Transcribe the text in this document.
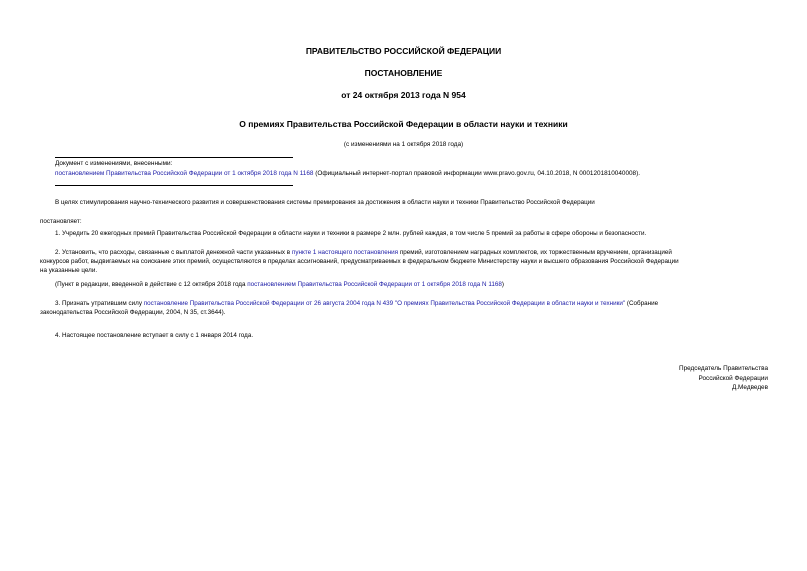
ПРАВИТЕЛЬСТВО РОССИЙСКОЙ ФЕДЕРАЦИИ
ПОСТАНОВЛЕНИЕ
от 24 октября 2013 года N 954
О премиях Правительства Российской Федерации в области науки и техники
(с изменениями на 1 октября 2018 года)
Документ с изменениями, внесенными:
постановлением Правительства Российской Федерации от 1 октября 2018 года N 1168 (Официальный интернет-портал правовой информации www.pravo.gov.ru, 04.10.2018, N 0001201810040008).
В целях стимулирования научно-технического развития и совершенствования системы премирования за достижения в области науки и техники Правительство Российской Федерации
постановляет:
1. Учредить 20 ежегодных премий Правительства Российской Федерации в области науки и техники в размере 2 млн. рублей каждая, в том числе 5 премий за работы в сфере обороны и безопасности.
2. Установить, что расходы, связанные с выплатой денежной части указанных в пункте 1 настоящего постановления премий, изготовлением наградных комплектов, их торжественным вручением, организацией
конкурсов работ, выдвигаемых на соискание этих премий, осуществляются в пределах ассигнований, предусматриваемых в федеральном бюджете Министерству науки и высшего образования Российской Федерации
на указанные цели.
(Пункт в редакции, введенной в действие с 12 октября 2018 года постановлением Правительства Российской Федерации от 1 октября 2018 года N 1168)
3. Признать утратившим силу постановление Правительства Российской Федерации от 26 августа 2004 года N 439 "О премиях Правительства Российской Федерации в области науки и техники" (Собрание
законодательства Российской Федерации, 2004, N 35, ст.3644).
4. Настоящее постановление вступает в силу с 1 января 2014 года.
Председатель Правительства
Российской Федерации
Д.Медведев
